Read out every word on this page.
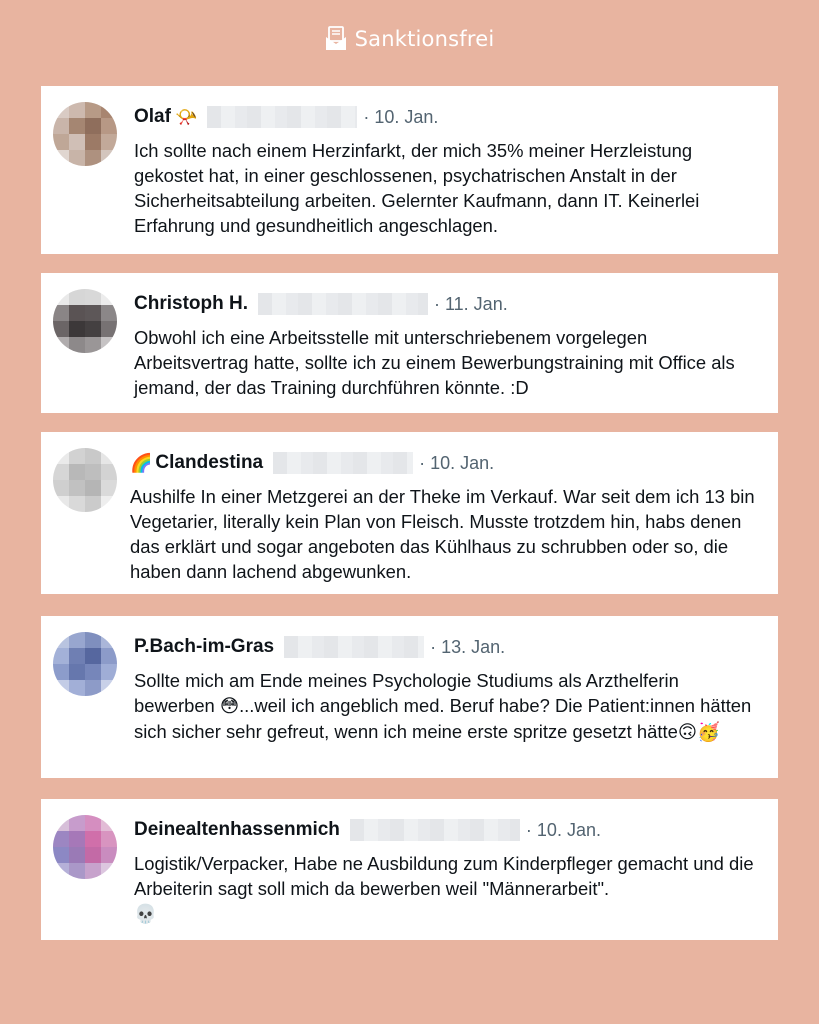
Sanktionsfrei
Olaf 📯	· 10. Jan.

Ich sollte nach einem Herzinfarkt, der mich 35% meiner Herzleistung gekostet hat, in einer geschlossenen, psychatrischen Anstalt in der Sicherheitsabteilung arbeiten. Gelernter Kaufmann, dann IT. Keinerlei Erfahrung und gesundheitlich angeschlagen.

Christoph H.	· 11. Jan.

Obwohl ich eine Arbeitsstelle mit unterschriebenem vorgelegen Arbeitsvertrag hatte, sollte ich zu einem Bewerbungstraining mit Office als jemand, der das Training durchführen könnte. :D

🌈 Clandestina	· 10. Jan.

Aushilfe In einer Metzgerei an der Theke im Verkauf. War seit dem ich 13 bin Vegetarier, literally kein Plan von Fleisch. Musste trotzdem hin, habs denen das erklärt und sogar angeboten das Kühlhaus zu schrubben oder so, die haben dann lachend abgewunken.

P.Bach-im-Gras	· 13. Jan.

Sollte mich am Ende meines Psychologie Studiums als Arzthelferin bewerben 😳...weil ich angeblich med. Beruf habe? Die Patient:innen hätten sich sicher sehr gefreut, wenn ich meine erste spritze gesetzt hätte🙃🥳

Deinealtenhassenmich	· 10. Jan.

Logistik/Verpacker, Habe ne Ausbildung zum Kinderpfleger gemacht und die Arbeiterin sagt soll mich da bewerben weil "Männerarbeit".
💀
